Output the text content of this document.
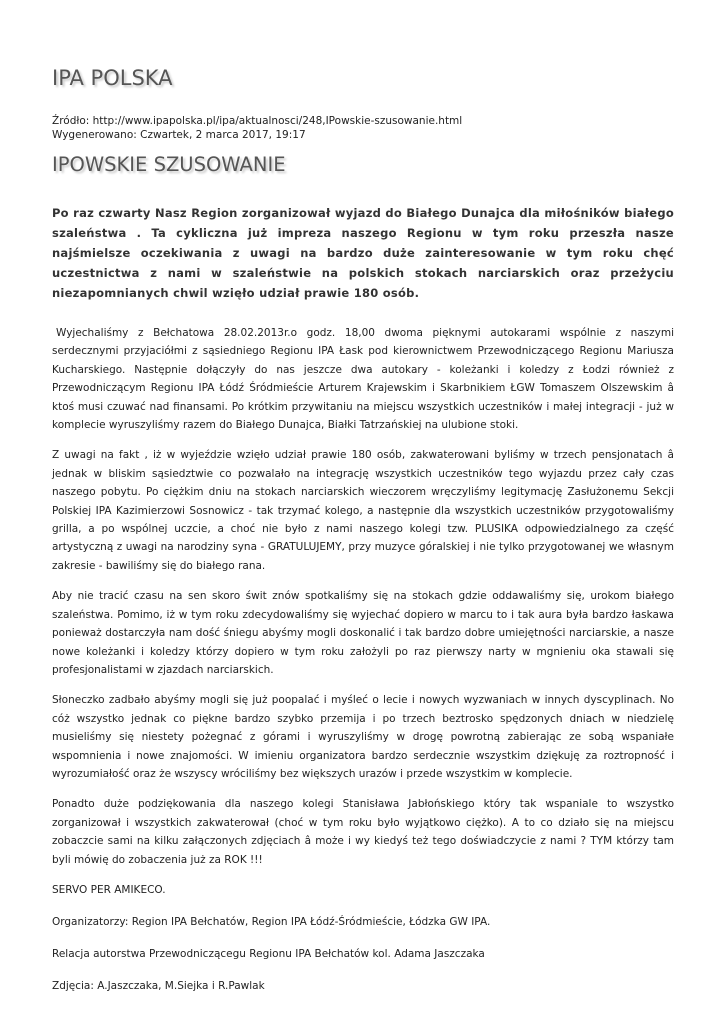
IPA POLSKA
Źródło: http://www.ipapolska.pl/ipa/aktualnosci/248,IPowskie-szusowanie.html
Wygenerowano: Czwartek, 2 marca 2017, 19:17
IPOWSKIE SZUSOWANIE

Po raz czwarty Nasz Region zorganizował wyjazd do Białego Dunajca dla miłośników białego szaleństwa . Ta cykliczna już impreza naszego Regionu w tym roku przeszła nasze najśmielsze oczekiwania z uwagi na bardzo duże zainteresowanie w tym roku chęć uczestnictwa z nami w szaleństwie na polskich stokach narciarskich oraz przeżyciu niezapomnianych chwil wzięło udział prawie 180 osób.

Wyjechaliśmy z Bełchatowa 28.02.2013r.o godz. 18,00 dwoma pięknymi autokarami wspólnie z naszymi serdecznymi przyjaciółmi z sąsiedniego Regionu IPA Łask pod kierownictwem Przewodniczącego Regionu Mariusza Kucharskiego. Następnie dołączyły do nas jeszcze dwa autokary - koleżanki i koledzy z Łodzi również z Przewodniczącym Regionu IPA Łódź Śródmieście Arturem Krajewskim i Skarbnikiem ŁGW Tomaszem Olszewskim â ktoś musi czuwać nad finansami. Po krótkim przywitaniu na miejscu wszystkich uczestników i małej integracji - już w komplecie wyruszyliśmy razem do Białego Dunajca, Białki Tatrzańskiej na ulubione stoki.

Z uwagi na fakt , iż w wyjeździe wzięło udział prawie 180 osób, zakwaterowani byliśmy w trzech pensjonatach â jednak w bliskim sąsiedztwie co pozwalało na integrację wszystkich uczestników tego wyjazdu przez cały czas naszego pobytu. Po ciężkim dniu na stokach narciarskich wieczorem wręczyliśmy legitymację Zasłużonemu Sekcji Polskiej IPA Kazimierzowi Sosnowicz - tak trzymać kolego, a następnie dla wszystkich uczestników przygotowaliśmy grilla, a po wspólnej uczcie, a choć nie było z nami naszego kolegi tzw. PLUSIKA odpowiedzialnego za część artystyczną z uwagi na narodziny syna - GRATULUJEMY, przy muzyce góralskiej i nie tylko przygotowanej we własnym zakresie - bawiliśmy się do białego rana.

Aby nie tracić czasu na sen skoro świt znów spotkaliśmy się na stokach gdzie oddawaliśmy się, urokom białego szaleństwa. Pomimo, iż w tym roku zdecydowaliśmy się wyjechać dopiero w marcu to i tak aura była bardzo łaskawa ponieważ dostarczyła nam dość śniegu abyśmy mogli doskonalić i tak bardzo dobre umiejętności narciarskie, a nasze nowe koleżanki i koledzy którzy dopiero w tym roku założyli po raz pierwszy narty w mgnieniu oka stawali się profesjonalistami w zjazdach narciarskich.

Słoneczko zadbało abyśmy mogli się już poopalać i myśleć o lecie i nowych wyzwaniach w innych dyscyplinach. No cóż wszystko jednak co piękne bardzo szybko przemija i po trzech beztrosko spędzonych dniach w niedzielę musieliśmy się niestety pożegnać z górami i wyruszyliśmy w drogę powrotną zabierając ze sobą wspaniałe wspomnienia i nowe znajomości. W imieniu organizatora bardzo serdecznie wszystkim dziękuję za roztropność i wyrozumiałość oraz że wszyscy wróciliśmy bez większych urazów i przede wszystkim w komplecie.

Ponadto duże podziękowania dla naszego kolegi Stanisława Jabłońskiego który tak wspaniale to wszystko zorganizował i wszystkich zakwaterował (choć w tym roku było wyjątkowo ciężko). A to co działo się na miejscu zobaczcie sami na kilku załączonych zdjęciach â może i wy kiedyś też tego doświadczycie z nami ? TYM którzy tam byli mówię do zobaczenia już za ROK !!!

SERVO PER AMIKECO.

Organizatorzy: Region IPA Bełchatów, Region IPA Łódź-Śródmieście, Łódzka GW IPA.

Relacja autorstwa Przewodniczącegu Regionu IPA Bełchatów kol. Adama Jaszczaka

Zdjęcia: A.Jaszczaka, M.Siejka i R.Pawlak
